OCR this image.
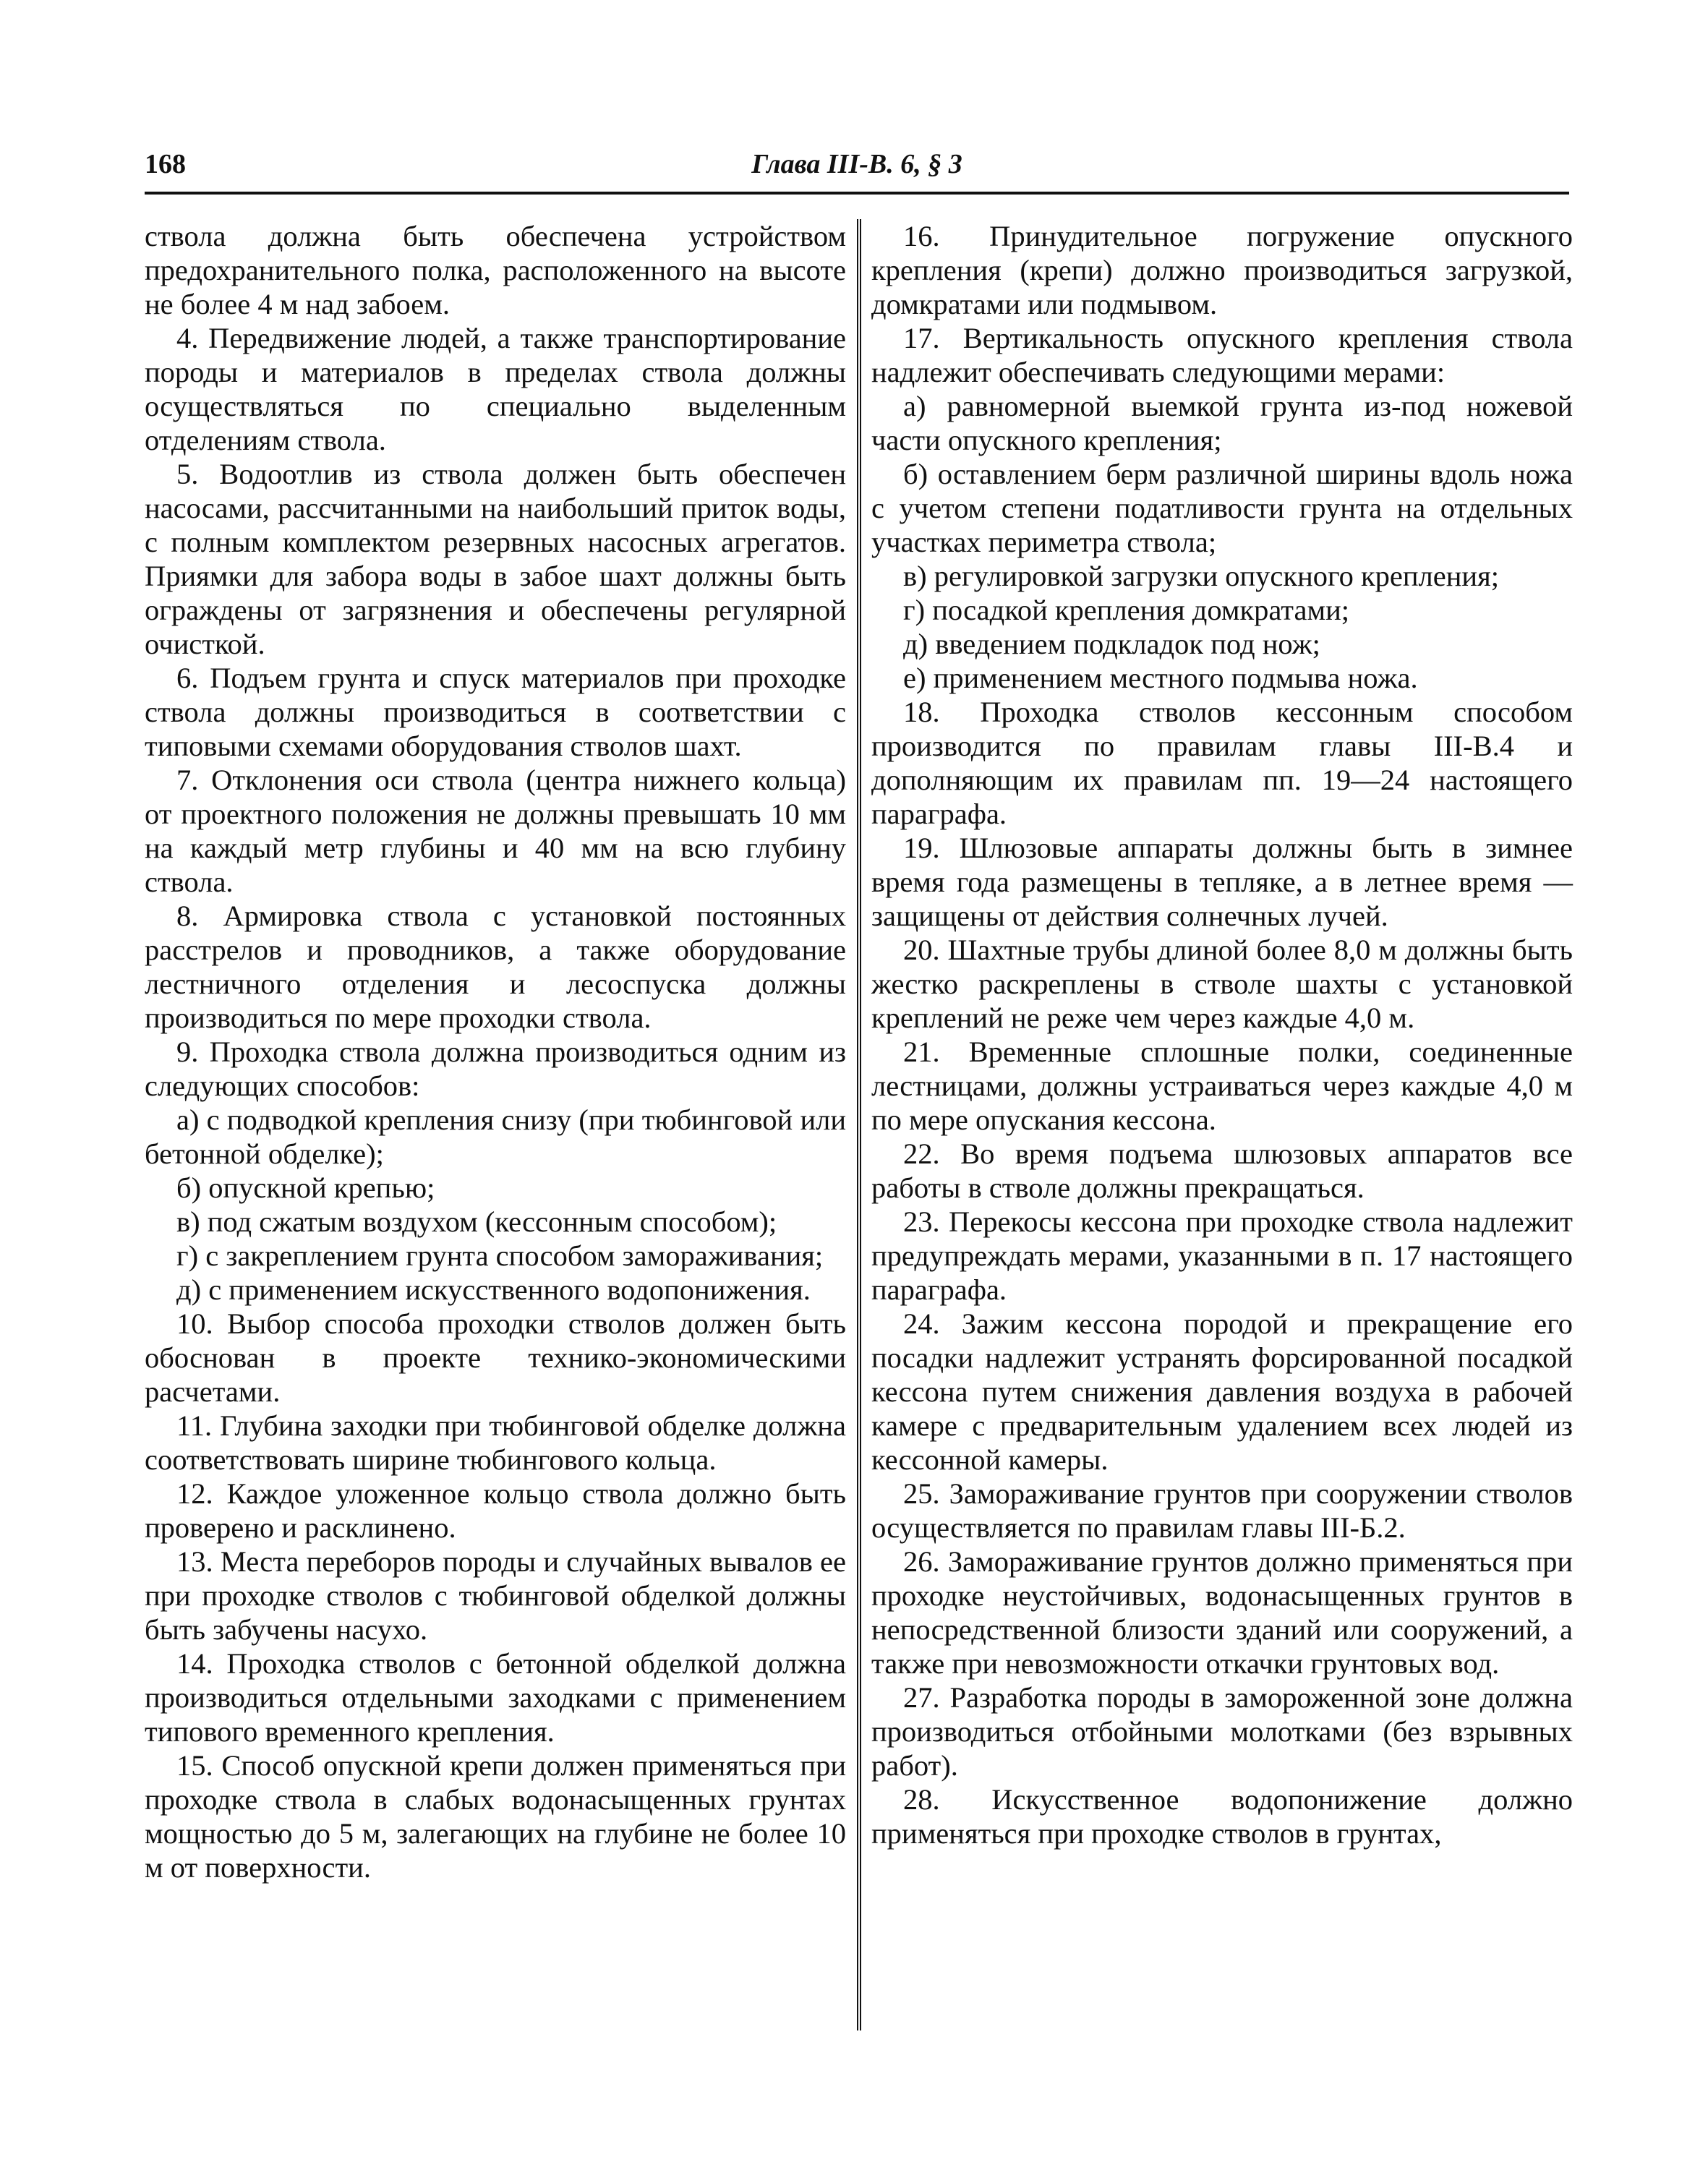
168	Глава III-В. 6, § 3

ствола должна быть обеспечена устройством предохранительного полка, расположенного на высоте не более 4 м над забоем.

4. Передвижение людей, а также транспортирование породы и материалов в пределах ствола должны осуществляться по специально выделенным отделениям ствола.

5. Водоотлив из ствола должен быть обеспечен насосами, рассчитанными на наибольший приток воды, с полным комплектом резервных насосных агрегатов. Приямки для забора воды в забое шахт должны быть ограждены от загрязнения и обеспечены регулярной очисткой.

6. Подъем грунта и спуск материалов при проходке ствола должны производиться в соответствии с типовыми схемами оборудования стволов шахт.

7. Отклонения оси ствола (центра нижнего кольца) от проектного положения не должны превышать 10 мм на каждый метр глубины и 40 мм на всю глубину ствола.

8. Армировка ствола с установкой постоянных расстрелов и проводников, а также оборудование лестничного отделения и лесоспуска должны производиться по мере проходки ствола.

9. Проходка ствола должна производиться одним из следующих способов:

а) с подводкой крепления снизу (при тюбинговой или бетонной обделке);

б) опускной крепью;

в) под сжатым воздухом (кессонным способом);

г) с закреплением грунта способом замораживания;

д) с применением искусственного водопонижения.

10. Выбор способа проходки стволов должен быть обоснован в проекте технико-экономическими расчетами.

11. Глубина заходки при тюбинговой обделке должна соответствовать ширине тюбингового кольца.

12. Каждое уложенное кольцо ствола должно быть проверено и расклинено.

13. Места переборов породы и случайных вывалов ее при проходке стволов с тюбинговой обделкой должны быть забучены насухо.

14. Проходка стволов с бетонной обделкой должна производиться отдельными заходками с применением типового временного крепления.

15. Способ опускной крепи должен применяться при проходке ствола в слабых водонасыщенных грунтах мощностью до 5 м, залегающих на глубине не более 10 м от поверхности.

16. Принудительное погружение опускного крепления (крепи) должно производиться загрузкой, домкратами или подмывом.

17. Вертикальность опускного крепления ствола надлежит обеспечивать следующими мерами:

а) равномерной выемкой грунта из-под ножевой части опускного крепления;

б) оставлением берм различной ширины вдоль ножа с учетом степени податливости грунта на отдельных участках периметра ствола;

в) регулировкой загрузки опускного крепления;

г) посадкой крепления домкратами;

д) введением подкладок под нож;

е) применением местного подмыва ножа.

18. Проходка стволов кессонным способом производится по правилам главы III-В.4 и дополняющим их правилам пп. 19—24 настоящего параграфа.

19. Шлюзовые аппараты должны быть в зимнее время года размещены в тепляке, а в летнее время — защищены от действия солнечных лучей.

20. Шахтные трубы длиной более 8,0 м должны быть жестко раскреплены в стволе шахты с установкой креплений не реже чем через каждые 4,0 м.

21. Временные сплошные полки, соединенные лестницами, должны устраиваться через каждые 4,0 м по мере опускания кессона.

22. Во время подъема шлюзовых аппаратов все работы в стволе должны прекращаться.

23. Перекосы кессона при проходке ствола надлежит предупреждать мерами, указанными в п. 17 настоящего параграфа.

24. Зажим кессона породой и прекращение его посадки надлежит устранять форсированной посадкой кессона путем снижения давления воздуха в рабочей камере с предварительным удалением всех людей из кессонной камеры.

25. Замораживание грунтов при сооружении стволов осуществляется по правилам главы III-Б.2.

26. Замораживание грунтов должно применяться при проходке неустойчивых, водонасыщенных грунтов в непосредственной близости зданий или сооружений, а также при невозможности откачки грунтовых вод.

27. Разработка породы в замороженной зоне должна производиться отбойными молотками (без взрывных работ).

28. Искусственное водопонижение должно применяться при проходке стволов в грунтах,
